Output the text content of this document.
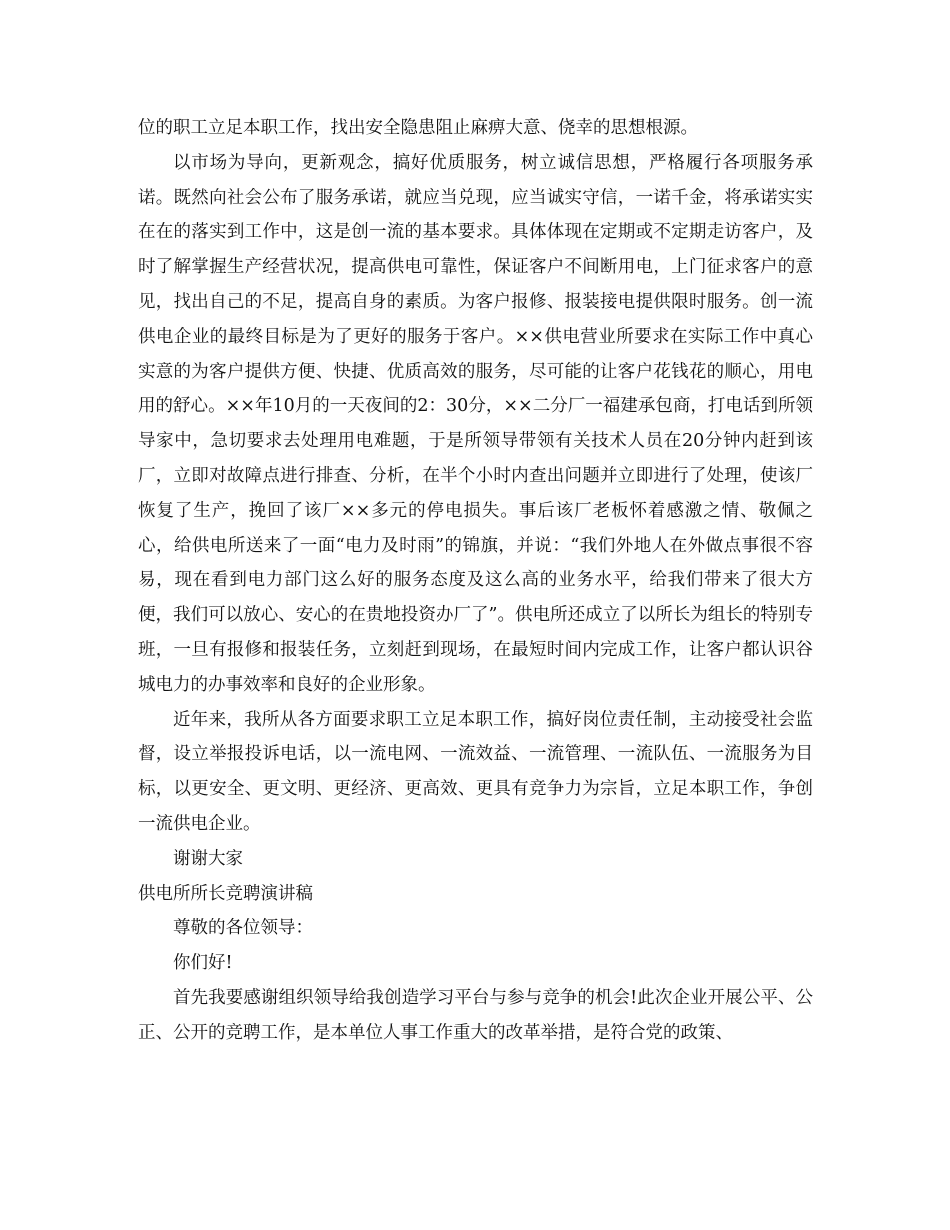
位的职工立足本职工作，找出安全隐患阻止麻痹大意、侥幸的思想根源。

以市场为导向，更新观念，搞好优质服务，树立诚信思想，严格履行各项服务承诺。既然向社会公布了服务承诺，就应当兑现，应当诚实守信，一诺千金，将承诺实实在在的落实到工作中，这是创一流的基本要求。具体体现在定期或不定期走访客户，及时了解掌握生产经营状况，提高供电可靠性，保证客户不间断用电，上门征求客户的意见，找出自己的不足，提高自身的素质。为客户报修、报装接电提供限时服务。创一流供电企业的最终目标是为了更好的服务于客户。××供电营业所要求在实际工作中真心实意的为客户提供方便、快捷、优质高效的服务，尽可能的让客户花钱花的顺心，用电用的舒心。××年10月的一天夜间的2：30分，××二分厂一福建承包商，打电话到所领导家中，急切要求去处理用电难题，于是所领导带领有关技术人员在20分钟内赶到该厂，立即对故障点进行排查、分析，在半个小时内查出问题并立即进行了处理，使该厂恢复了生产，挽回了该厂××多元的停电损失。事后该厂老板怀着感激之情、敬佩之心，给供电所送来了一面“电力及时雨”的锦旗，并说：“我们外地人在外做点事很不容易，现在看到电力部门这么好的服务态度及这么高的业务水平，给我们带来了很大方便，我们可以放心、安心的在贵地投资办厂了”。供电所还成立了以所长为组长的特别专班，一旦有报修和报装任务，立刻赶到现场，在最短时间内完成工作，让客户都认识谷城电力的办事效率和良好的企业形象。

近年来，我所从各方面要求职工立足本职工作，搞好岗位责任制，主动接受社会监督，设立举报投诉电话，以一流电网、一流效益、一流管理、一流队伍、一流服务为目标，以更安全、更文明、更经济、更高效、更具有竞争力为宗旨，立足本职工作，争创一流供电企业。

谢谢大家

供电所所长竞聘演讲稿

尊敬的各位领导：

你们好!

首先我要感谢组织领导给我创造学习平台与参与竞争的机会!此次企业开展公平、公正、公开的竞聘工作，是本单位人事工作重大的改革举措，是符合党的政策、
